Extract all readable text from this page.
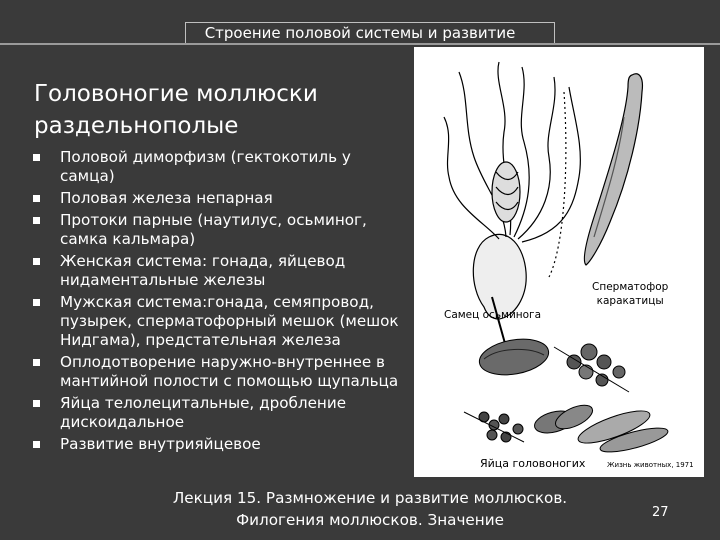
Строение половой системы и развитие
Головоногие моллюски
раздельнополые
Половой диморфизм (гектокотиль у самца)
Половая железа непарная
Протоки парные (наутилус, осьминог, самка кальмара)
Женская система: гонада, яйцевод нидаментальные железы
Мужская система:гонада, семяпровод, пузырек, сперматофорный мешок (мешок Нидгама), предстательная железа
Оплодотворение наружно-внутреннее в мантийной полости с помощью щупальца
Яйца телолецитальные, дробление дискоидальное
Развитие внутрияйцевое
Самец осьминога
Сперматофор
каракатицы
Яйца головоногих	Жизнь животных, 1971
Лекция 15. Размножение и развитие моллюсков.
Филогения моллюсков. Значение	27
